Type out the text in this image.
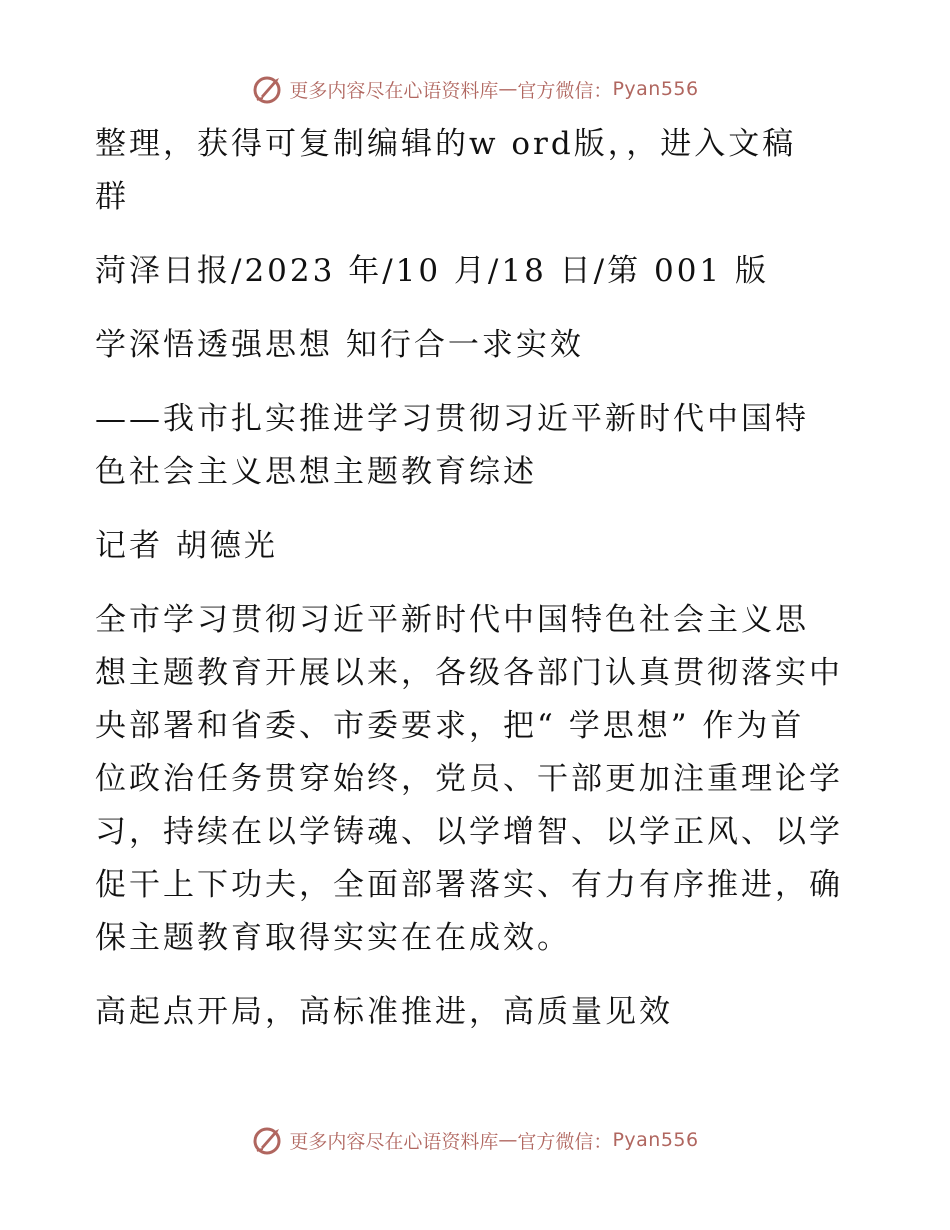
更多内容尽在心语资料库 — 官方微信： Pyan556
整理，获得可复制编辑的w ord版，，进入文稿
群
菏泽日报/2023 年/10 月/18 日/第 001 版
学深悟透强思想 知行合一求实效
——我市扎实推进学习贯彻习近平新时代中国特
色社会主义思想主题教育综述
记者 胡德光
全市学习贯彻习近平新时代中国特色社会主义思
想主题教育开展以来，各级各部门认真贯彻落实中
央部署和省委、市委要求，把“ 学思想” 作为首
位政治任务贯穿始终，党员、干部更加注重理论学
习，持续在以学铸魂、以学增智、以学正风、以学
促干上下功夫，全面部署落实、有力有序推进，确
保主题教育取得实实在在成效。
高起点开局，高标准推进，高质量见效
更多内容尽在心语资料库 — 官方微信： Pyan556
